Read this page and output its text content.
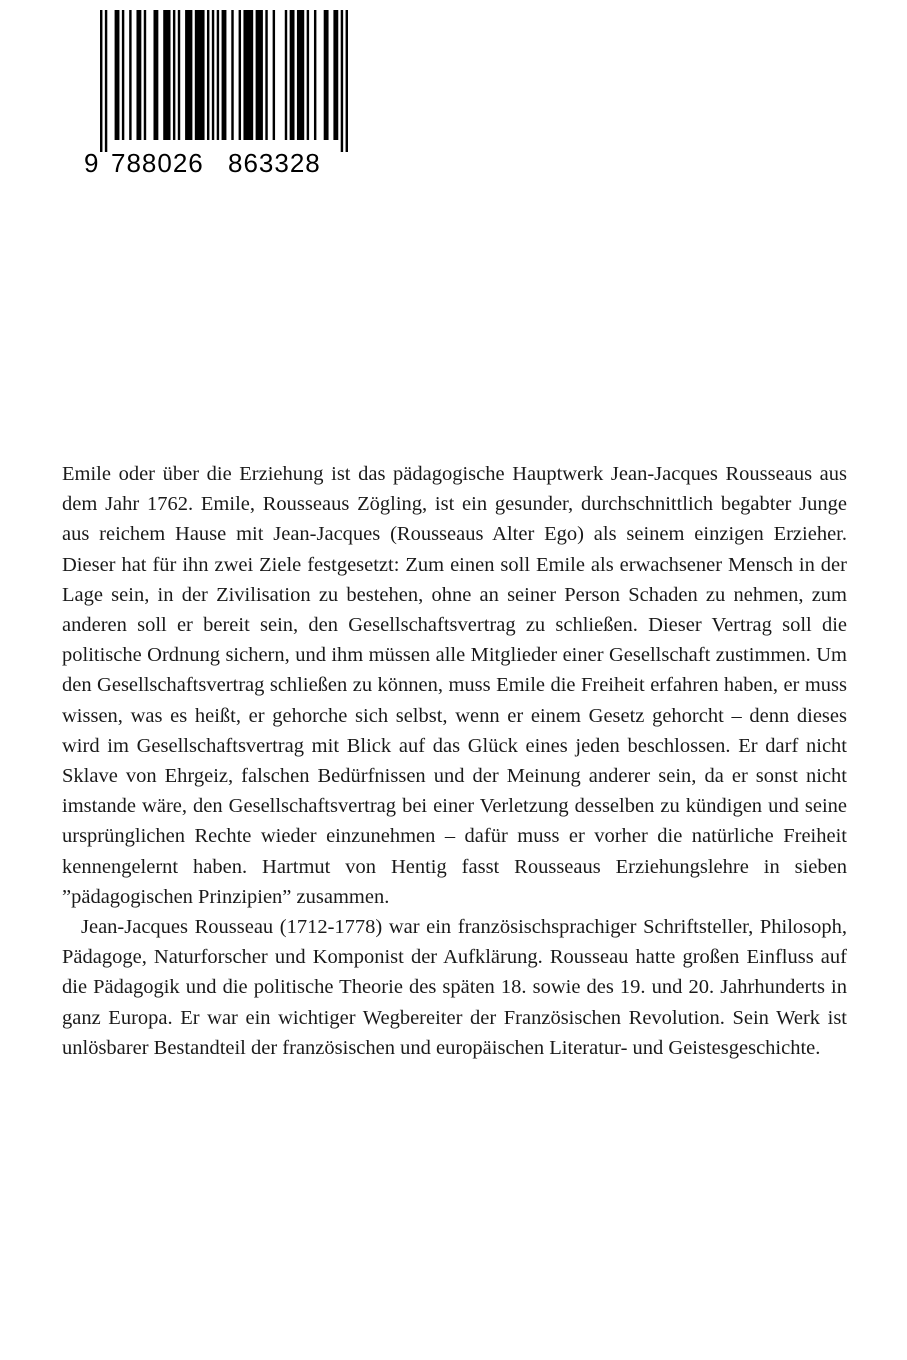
9 788026 863328

Emile oder über die Erziehung ist das pädagogische Hauptwerk Jean-Jacques Rousseaus aus dem Jahr 1762. Emile, Rousseaus Zögling, ist ein gesunder, durchschnittlich begabter Junge aus reichem Hause mit Jean-Jacques (Rousseaus Alter Ego) als seinem einzigen Erzieher. Dieser hat für ihn zwei Ziele festgesetzt: Zum einen soll Emile als erwachsener Mensch in der Lage sein, in der Zivilisation zu bestehen, ohne an seiner Person Schaden zu nehmen, zum anderen soll er bereit sein, den Gesellschaftsvertrag zu schließen. Dieser Vertrag soll die politische Ordnung sichern, und ihm müssen alle Mitglieder einer Gesellschaft zustimmen. Um den Gesellschaftsvertrag schließen zu können, muss Emile die Freiheit erfahren haben, er muss wissen, was es heißt, er gehorche sich selbst, wenn er einem Gesetz gehorcht – denn dieses wird im Gesellschaftsvertrag mit Blick auf das Glück eines jeden beschlossen. Er darf nicht Sklave von Ehrgeiz, falschen Bedürfnissen und der Meinung anderer sein, da er sonst nicht imstande wäre, den Gesellschaftsvertrag bei einer Verletzung desselben zu kündigen und seine ursprünglichen Rechte wieder einzunehmen – dafür muss er vorher die natürliche Freiheit kennengelernt haben. Hartmut von Hentig fasst Rousseaus Erziehungslehre in sieben ”pädagogischen Prinzipien” zusammen.

Jean-Jacques Rousseau (1712-1778) war ein französischsprachiger Schriftsteller, Philosoph, Pädagoge, Naturforscher und Komponist der Aufklärung. Rousseau hatte großen Einfluss auf die Pädagogik und die politische Theorie des späten 18. sowie des 19. und 20. Jahrhunderts in ganz Europa. Er war ein wichtiger Wegbereiter der Französischen Revolution. Sein Werk ist unlösbarer Bestandteil der französischen und europäischen Literatur- und Geistesgeschichte.
